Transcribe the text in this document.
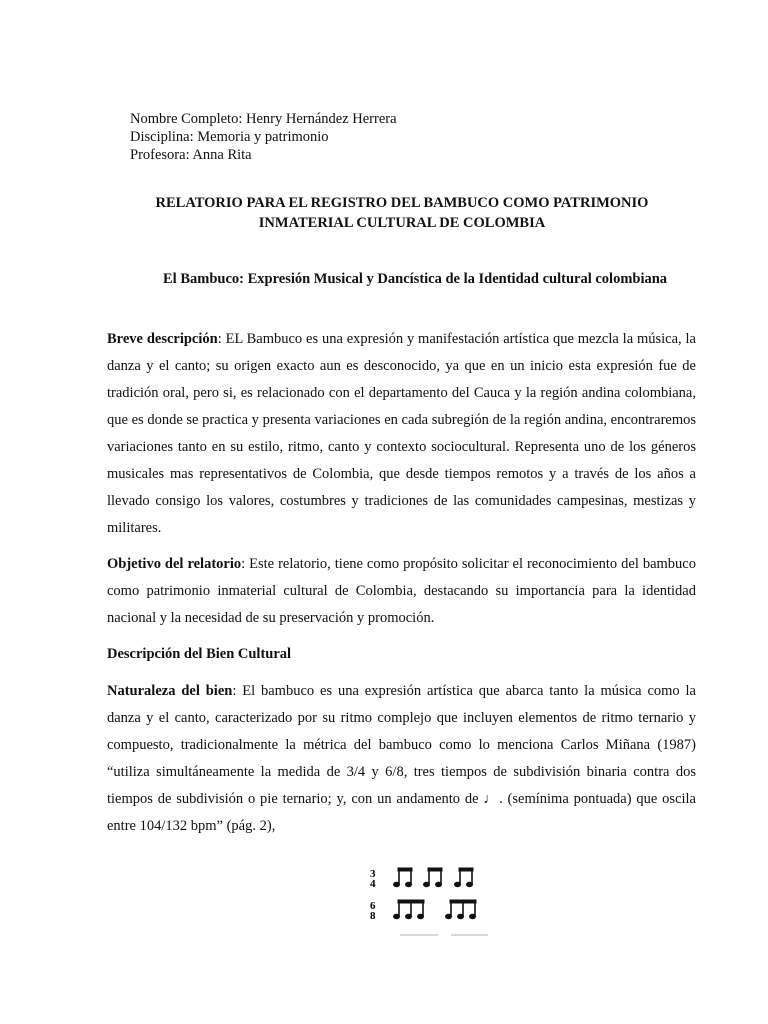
Nombre Completo: Henry Hernández Herrera
Disciplina: Memoria y patrimonio
Profesora: Anna Rita
RELATORIO PARA EL REGISTRO DEL BAMBUCO COMO PATRIMONIO
INMATERIAL CULTURAL DE COLOMBIA
El Bambuco: Expresión Musical y Dancística de la Identidad cultural colombiana

Breve descripción: EL Bambuco es una expresión y manifestación artística que mezcla la música, la danza y el canto; su origen exacto aun es desconocido, ya que en un inicio esta expresión fue de tradición oral, pero si, es relacionado con el departamento del Cauca y la región andina colombiana, que es donde se practica y presenta variaciones en cada subregión de la región andina, encontraremos variaciones tanto en su estilo, ritmo, canto y contexto sociocultural. Representa uno de los géneros musicales mas representativos de Colombia, que desde tiempos remotos y a través de los años a llevado consigo los valores, costumbres y tradiciones de las comunidades campesinas, mestizas y militares.

Objetivo del relatorio: Este relatorio, tiene como propósito solicitar el reconocimiento del bambuco como patrimonio inmaterial cultural de Colombia, destacando su importancia para la identidad nacional y la necesidad de su preservación y promoción.

Descripción del Bien Cultural

Naturaleza del bien: El bambuco es una expresión artística que abarca tanto la música como la danza y el canto, caracterizado por su ritmo complejo que incluyen elementos de ritmo ternario y compuesto, tradicionalmente la métrica del bambuco como lo menciona Carlos Miñana (1987) “utiliza simultáneamente la medida de 3/4 y 6/8, tres tiempos de subdivisión binaria contra dos tiempos de subdivisión o pie ternario; y, con un andamento de ♩. (semínima pontuada) que oscila entre 104/132 bpm” (pág. 2),

3
4
6
8
